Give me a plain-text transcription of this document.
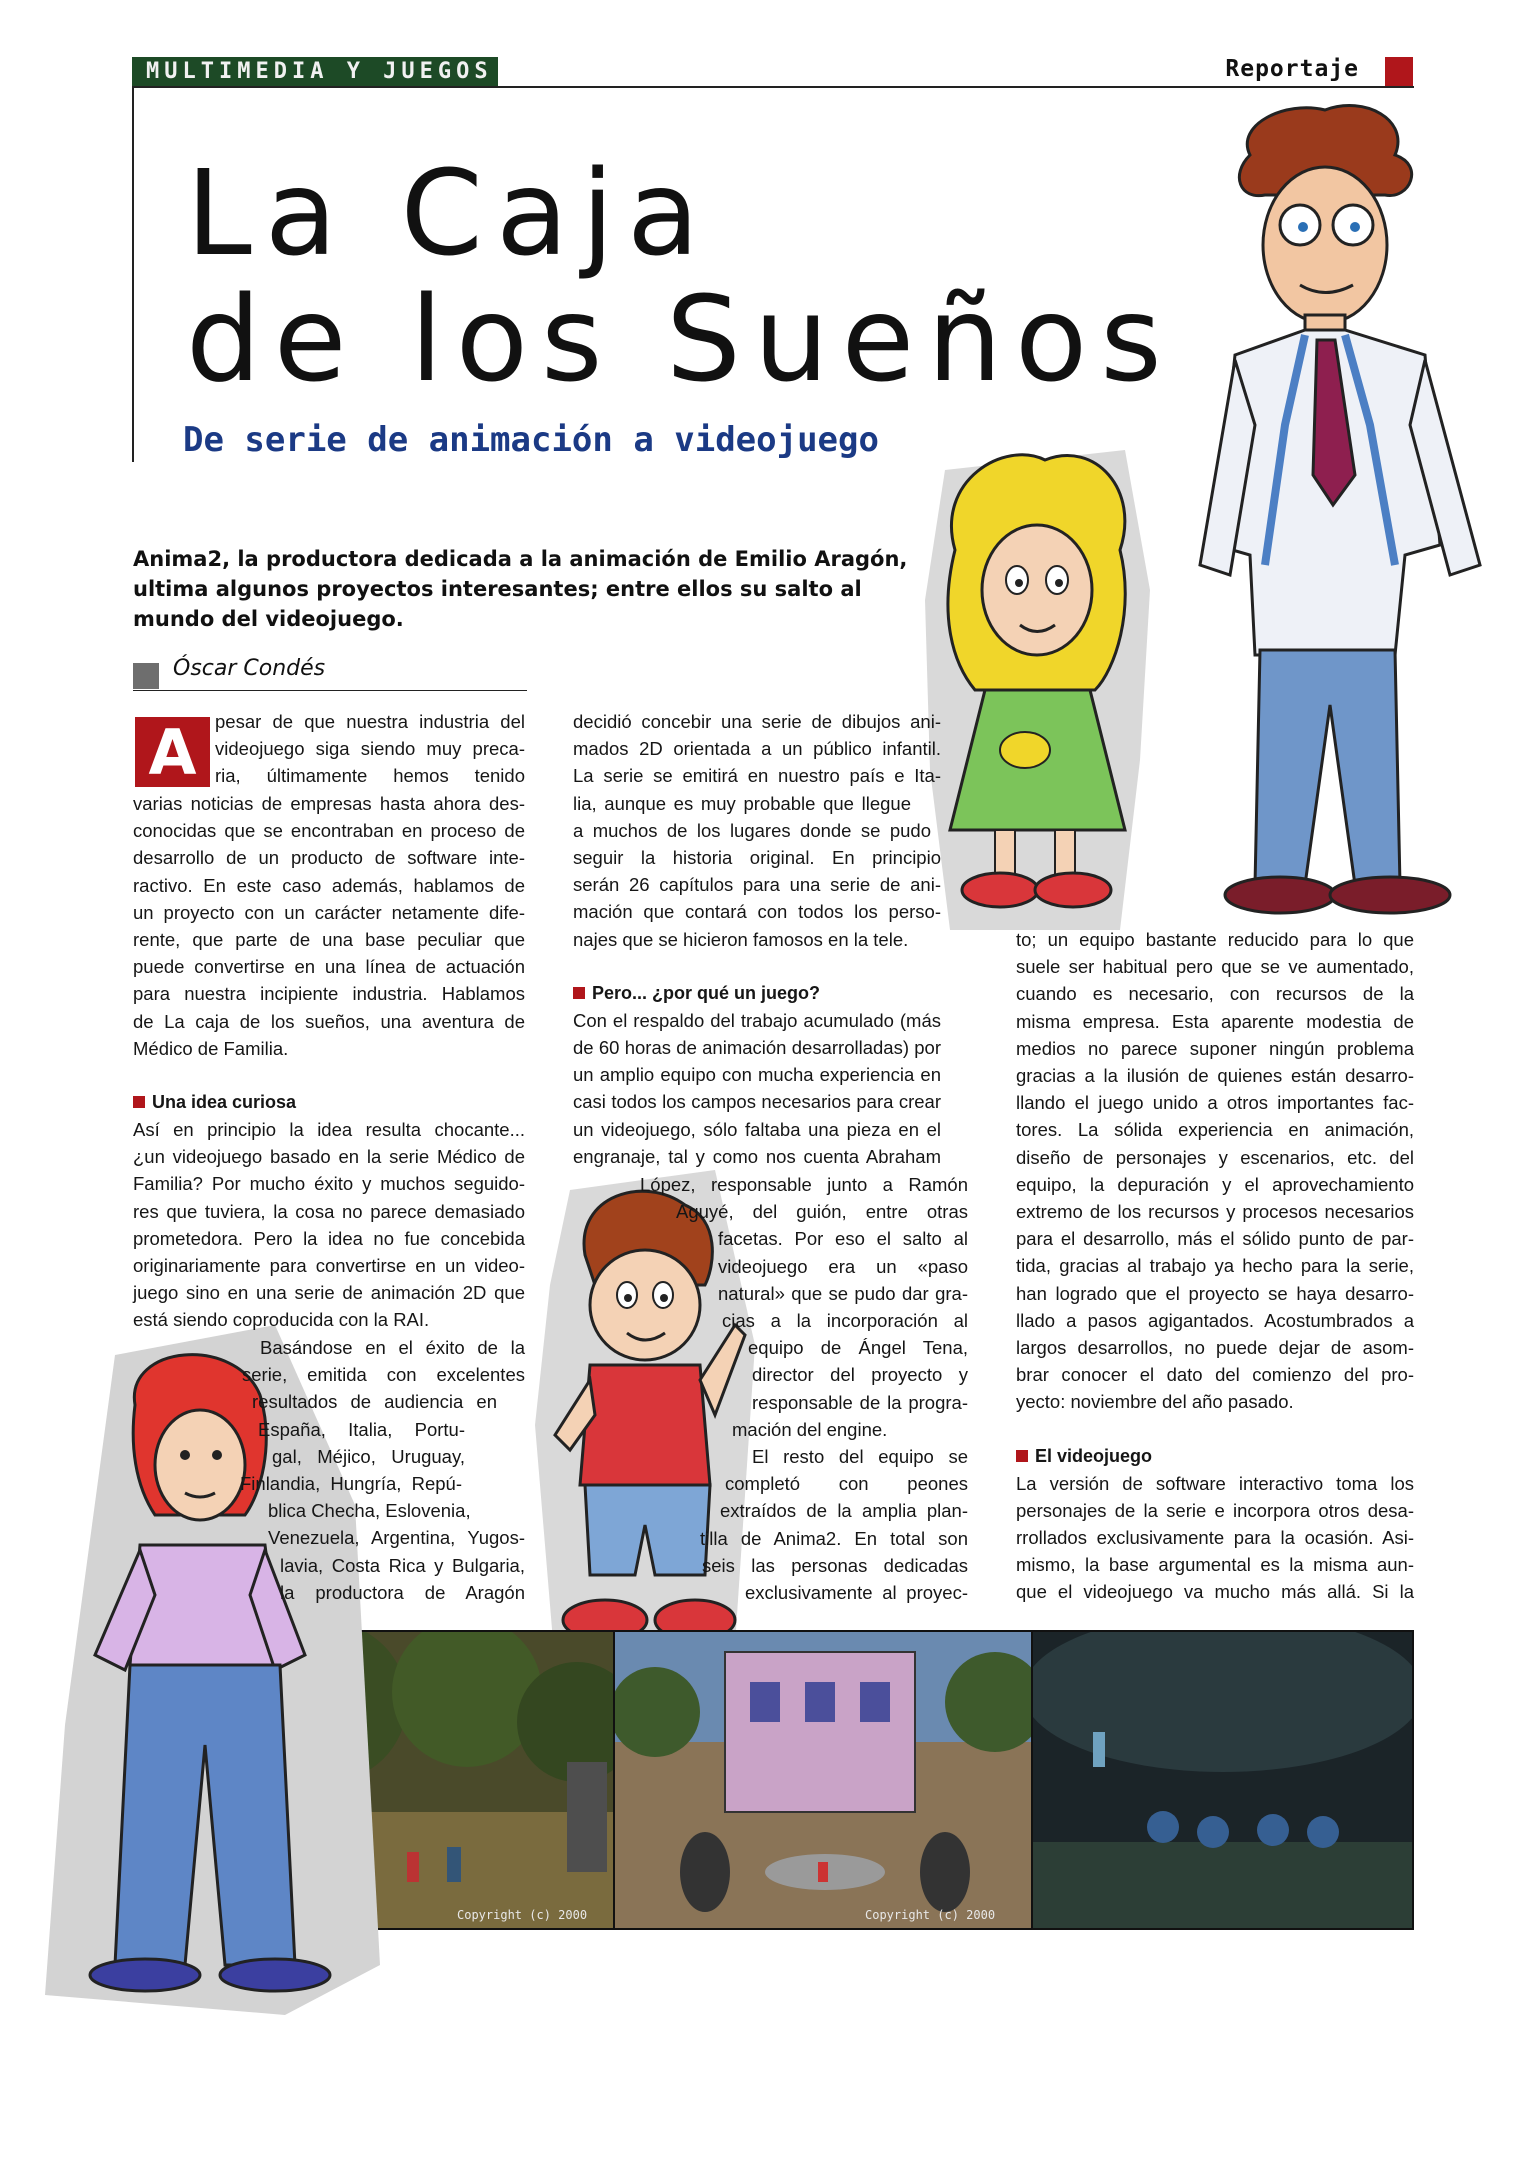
MULTIMEDIA Y JUEGOS	Reportaje
La Caja
de los Sueños
De serie de animación a videojuego
Anima2, la productora dedicada a la animación de Emilio Aragón, ultima algunos proyectos interesantes; entre ellos su salto al mundo del videojuego.
Óscar Condés
Copyright (c) 2000	Copyright (c) 2000
A	pesar de que nuestra industria del
videojuego siga siendo muy preca-
ria, últimamente hemos tenido
varias noticias de empresas hasta ahora des-
conocidas que se encontraban en proceso de
desarrollo de un producto de software inte-
ractivo. En este caso además, hablamos de
un proyecto con un carácter netamente dife-
rente, que parte de una base peculiar que
puede convertirse en una línea de actuación
para nuestra incipiente industria. Hablamos
de La caja de los sueños, una aventura de
Médico de Familia.
Una idea curiosa
Así en principio la idea resulta chocante...
¿un videojuego basado en la serie Médico de
Familia? Por mucho éxito y muchos seguido-
res que tuviera, la cosa no parece demasiado
prometedora. Pero la idea no fue concebida
originariamente para convertirse en un video-
juego sino en una serie de animación 2D que
está siendo coproducida con la RAI.
Basándose en el éxito de la
serie, emitida con excelentes
resultados de audiencia en
España, Italia, Portu-
gal, Méjico, Uruguay,
Finlandia, Hungría, Repú-
blica Checha, Eslovenia,
Venezuela, Argentina, Yugos-
lavia, Costa Rica y Bulgaria,
la productora de Aragón
decidió concebir una serie de dibujos ani-
mados 2D orientada a un público infantil.
La serie se emitirá en nuestro país e Ita-
lia, aunque es muy probable que llegue
a muchos de los lugares donde se pudo
seguir la historia original. En principio
serán 26 capítulos para una serie de ani-
mación que contará con todos los perso-
najes que se hicieron famosos en la tele.
Pero... ¿por qué un juego?
Con el respaldo del trabajo acumulado (más
de 60 horas de animación desarrolladas) por
un amplio equipo con mucha experiencia en
casi todos los campos necesarios para crear
un videojuego, sólo faltaba una pieza en el
engranaje, tal y como nos cuenta Abraham
López, responsable junto a Ramón
Aguyé, del guión, entre otras
facetas. Por eso el salto al
videojuego era un «paso
natural» que se pudo dar gra-
cias a la incorporación al
equipo de Ángel Tena,
director del proyecto y
responsable de la progra-
mación del engine.
El resto del equipo se
completó con peones
extraídos de la amplia plan-
tilla de Anima2. En total son
seis las personas dedicadas
exclusivamente al proyec-
to; un equipo bastante reducido para lo que
suele ser habitual pero que se ve aumentado,
cuando es necesario, con recursos de la
misma empresa. Esta aparente modestia de
medios no parece suponer ningún problema
gracias a la ilusión de quienes están desarro-
llando el juego unido a otros importantes fac-
tores. La sólida experiencia en animación,
diseño de personajes y escenarios, etc. del
equipo, la depuración y el aprovechamiento
extremo de los recursos y procesos necesarios
para el desarrollo, más el sólido punto de par-
tida, gracias al trabajo ya hecho para la serie,
han logrado que el proyecto se haya desarro-
llado a pasos agigantados. Acostumbrados a
largos desarrollos, no puede dejar de asom-
brar conocer el dato del comienzo del pro-
yecto: noviembre del año pasado.
El videojuego
La versión de software interactivo toma los
personajes de la serie e incorpora otros desa-
rrollados exclusivamente para la ocasión. Asi-
mismo, la base argumental es la misma aun-
que el videojuego va mucho más allá. Si la
